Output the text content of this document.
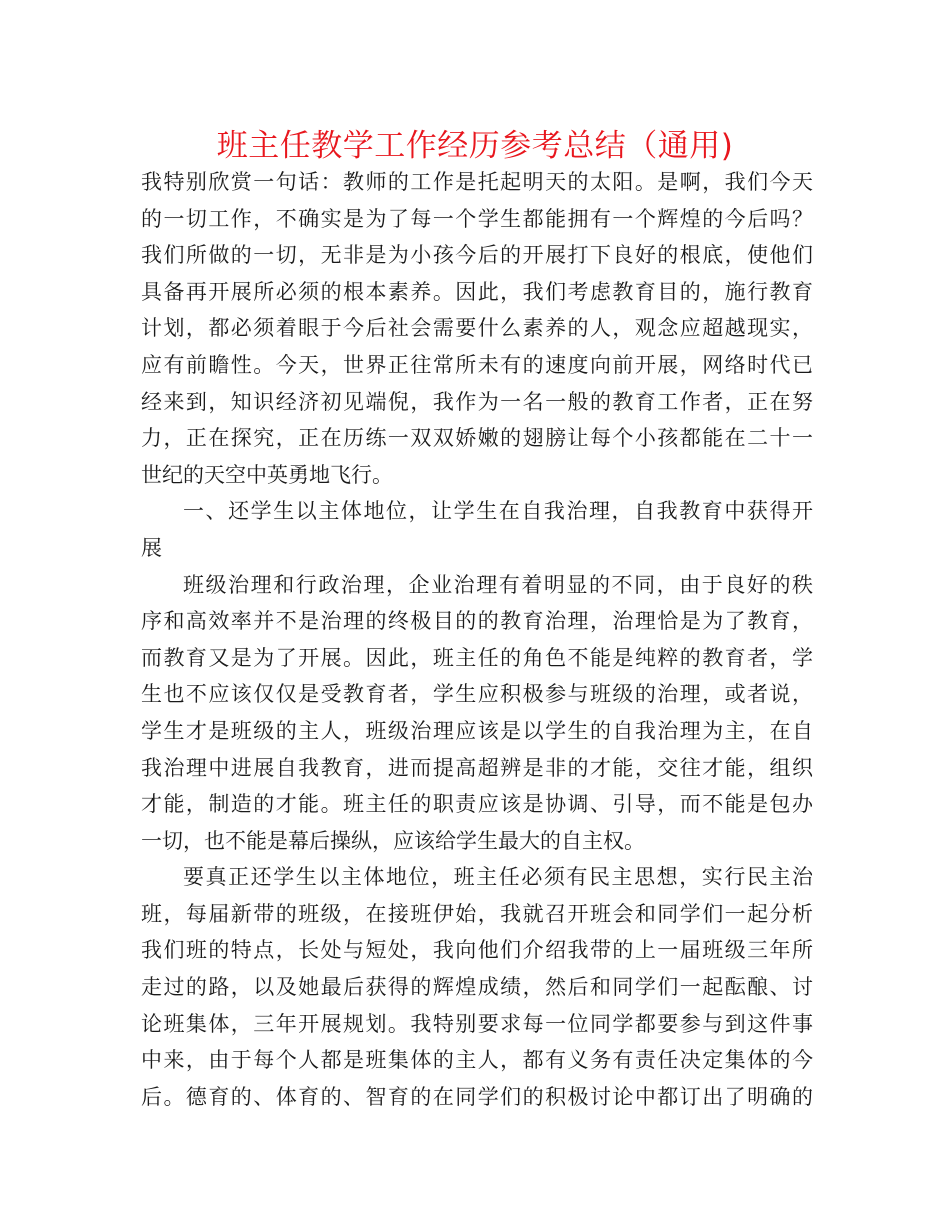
班主任教学工作经历参考总结（通用)
我特别欣赏一句话：教师的工作是托起明天的太阳。是啊，我们今天
的一切工作，不确实是为了每一个学生都能拥有一个辉煌的今后吗？
我们所做的一切，无非是为小孩今后的开展打下良好的根底，使他们
具备再开展所必须的根本素养。因此，我们考虑教育目的，施行教育
计划，都必须着眼于今后社会需要什么素养的人，观念应超越现实，
应有前瞻性。今天，世界正往常所未有的速度向前开展，网络时代已
经来到，知识经济初见端倪，我作为一名一般的教育工作者，正在努
力，正在探究，正在历练一双双娇嫩的翅膀让每个小孩都能在二十一
世纪的天空中英勇地飞行。
一、还学生以主体地位，让学生在自我治理，自我教育中获得开
展
班级治理和行政治理，企业治理有着明显的不同，由于良好的秩
序和高效率并不是治理的终极目的的教育治理，治理恰是为了教育，
而教育又是为了开展。因此，班主任的角色不能是纯粹的教育者，学
生也不应该仅仅是受教育者，学生应积极参与班级的治理，或者说，
学生才是班级的主人，班级治理应该是以学生的自我治理为主，在自
我治理中进展自我教育，进而提高超辨是非的才能，交往才能，组织
才能，制造的才能。班主任的职责应该是协调、引导，而不能是包办
一切，也不能是幕后操纵，应该给学生最大的自主权。
要真正还学生以主体地位，班主任必须有民主思想，实行民主治
班，每届新带的班级，在接班伊始，我就召开班会和同学们一起分析
我们班的特点，长处与短处，我向他们介绍我带的上一届班级三年所
走过的路，以及她最后获得的辉煌成绩，然后和同学们一起酝酿、讨
论班集体，三年开展规划。我特别要求每一位同学都要参与到这件事
中来，由于每个人都是班集体的主人，都有义务有责任决定集体的今
后。德育的、体育的、智育的在同学们的积极讨论中都订出了明确的
